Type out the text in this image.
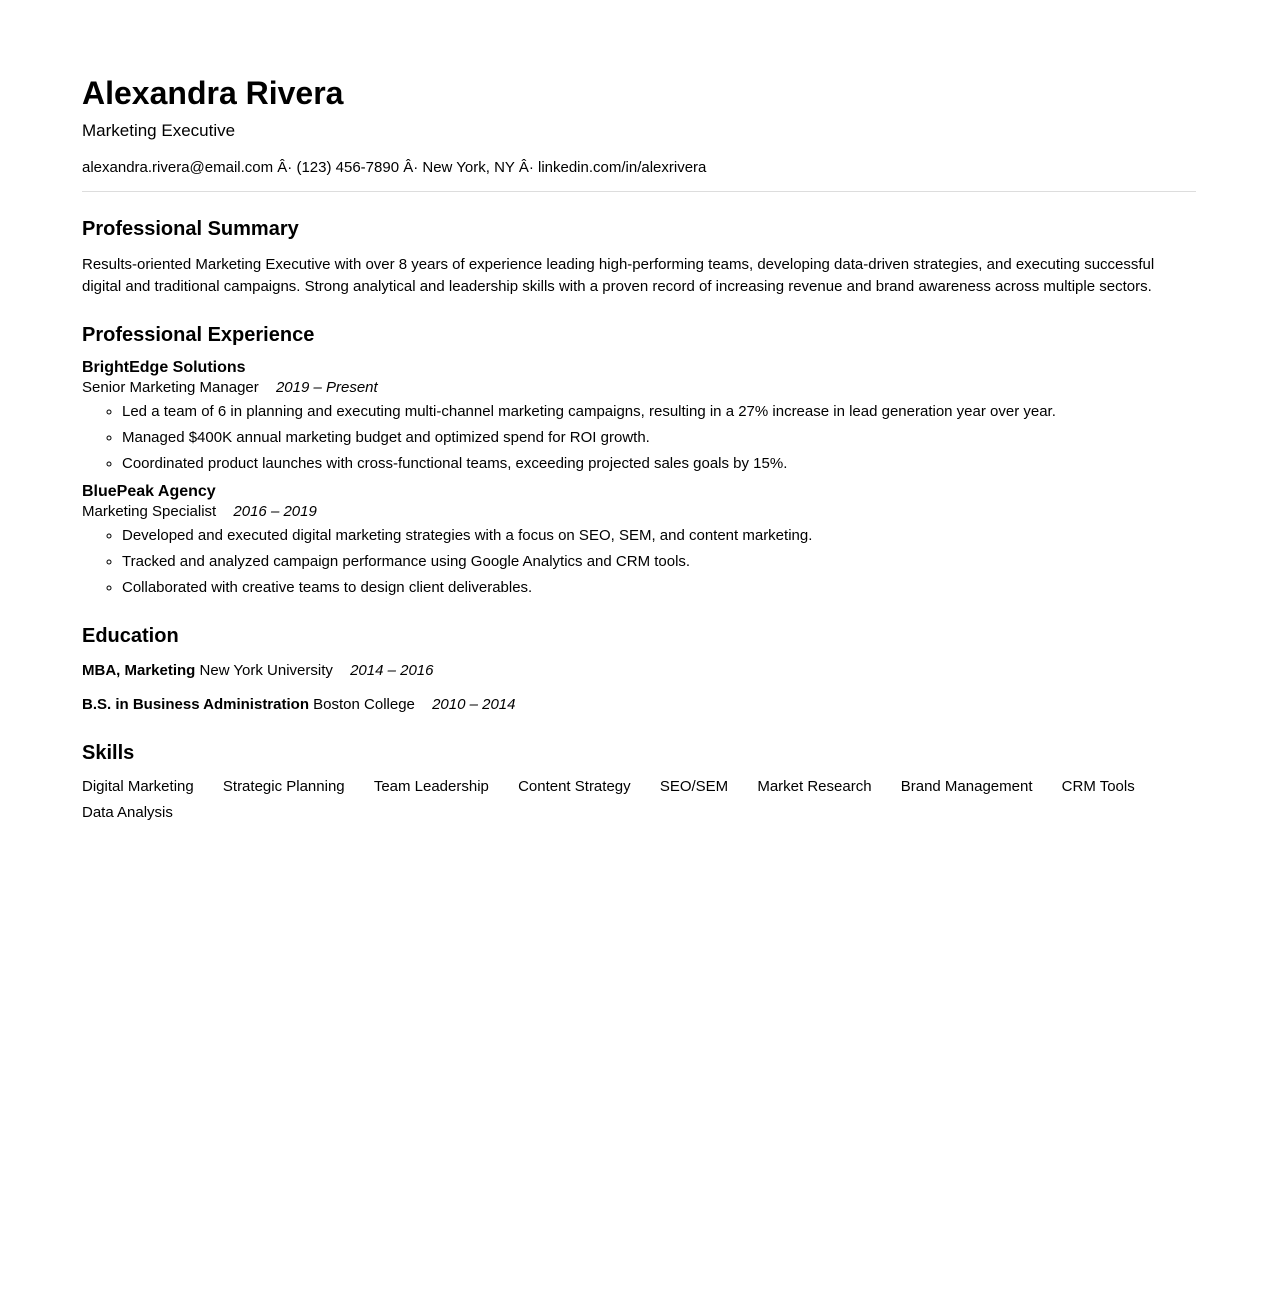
Alexandra Rivera
Marketing Executive
alexandra.rivera@email.com Â· (123) 456-7890 Â· New York, NY Â· linkedin.com/in/alexrivera
Professional Summary

Results-oriented Marketing Executive with over 8 years of experience leading high-performing teams, developing data-driven strategies, and executing successful digital and traditional campaigns. Strong analytical and leadership skills with a proven record of increasing revenue and brand awareness across multiple sectors.

Professional Experience
BrightEdge Solutions
Senior Marketing Manager 2019 – Present
◦ Led a team of 6 in planning and executing multi-channel marketing campaigns, resulting in a 27% increase in lead generation year over year.
◦ Managed $400K annual marketing budget and optimized spend for ROI growth.
◦ Coordinated product launches with cross-functional teams, exceeding projected sales goals by 15%.
BluePeak Agency
Marketing Specialist 2016 – 2019
◦ Developed and executed digital marketing strategies with a focus on SEO, SEM, and content marketing.
◦ Tracked and analyzed campaign performance using Google Analytics and CRM tools.
◦ Collaborated with creative teams to design client deliverables.
Education

MBA, Marketing New York University 2014 – 2016

B.S. in Business Administration Boston College 2010 – 2014

Skills
Digital Marketing Strategic Planning Team Leadership Content Strategy SEO/SEM Market Research Brand Management CRM Tools Data Analysis
